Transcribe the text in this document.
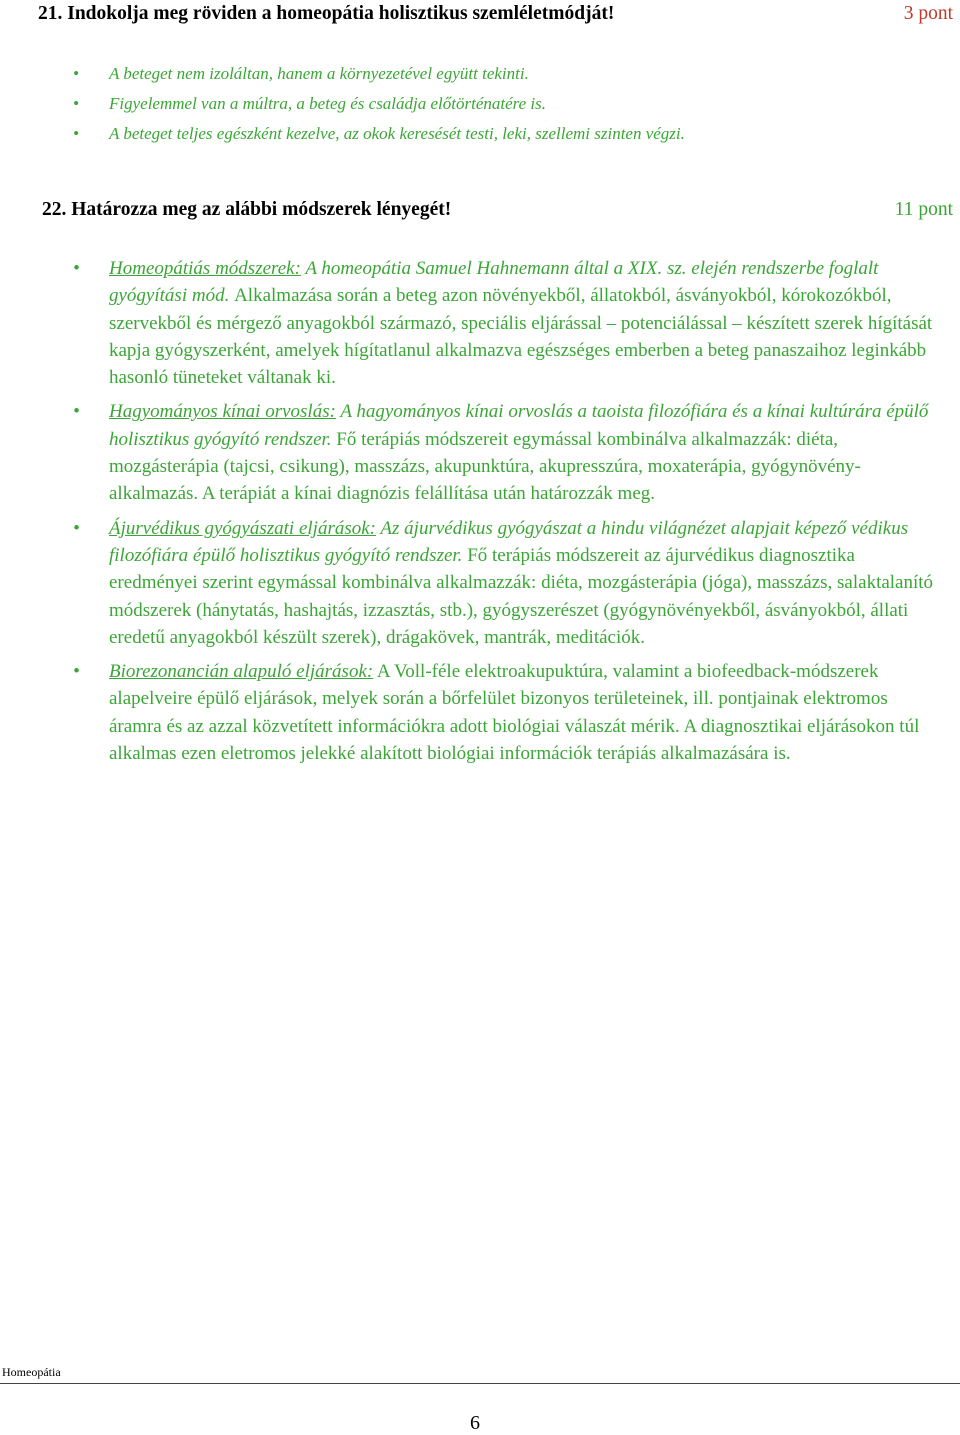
21. Indokolja meg röviden a homeopátia holisztikus szemléletmódját!	3 pont
• A beteget nem izoláltan, hanem a környezetével együtt tekinti.
• Figyelemmel van a múltra, a beteg és családja előtörténatére is.
• A beteget teljes egészként kezelve, az okok keresését testi, leki, szellemi szinten végzi.
22. Határozza meg az alábbi módszerek lényegét!	11 pont
• Homeopátiás módszerek: A homeopátia Samuel Hahnemann által a XIX. sz. elején rendszerbe foglalt gyógyítási mód. Alkalmazása során a beteg azon növényekből, állatokból, ásványokból, kórokozókból, szervekből és mérgező anyagokból származó, speciális eljárással – potenciálással – készített szerek hígítását kapja gyógyszerként, amelyek hígítatlanul alkalmazva egészséges emberben a beteg panaszaihoz leginkább hasonló tüneteket váltanak ki.
• Hagyományos kínai orvoslás: A hagyományos kínai orvoslás a taoista filozófiára és a kínai kultúrára épülő holisztikus gyógyító rendszer. Fő terápiás módszereit egymással kombinálva alkalmazzák: diéta, mozgásterápia (tajcsi, csikung), masszázs, akupunktúra, akupresszúra, moxaterápia, gyógynövény-alkalmazás. A terápiát a kínai diagnózis felállítása után határozzák meg.
• Ájurvédikus gyógyászati eljárások: Az ájurvédikus gyógyászat a hindu világnézet alapjait képező védikus filozófiára épülő holisztikus gyógyító rendszer. Fő terápiás módszereit az ájurvédikus diagnosztika eredményei szerint egymással kombinálva alkalmazzák: diéta, mozgásterápia (jóga), masszázs, salaktalanító módszerek (hánytatás, hashajtás, izzasztás, stb.), gyógyszerészet (gyógynövényekből, ásványokból, állati eredetű anyagokból készült szerek), drágakövek, mantrák, meditációk.
• Biorezonancián alapuló eljárások: A Voll-féle elektroakupuktúra, valamint a biofeedback-módszerek alapelveire épülő eljárások, melyek során a bőrfelület bizonyos területeinek, ill. pontjainak elektromos áramra és az azzal közvetített információkra adott biológiai válaszát mérik. A diagnosztikai eljárásokon túl alkalmas ezen eletromos jelekké alakított biológiai információk terápiás alkalmazására is.
Homeopátia
6
